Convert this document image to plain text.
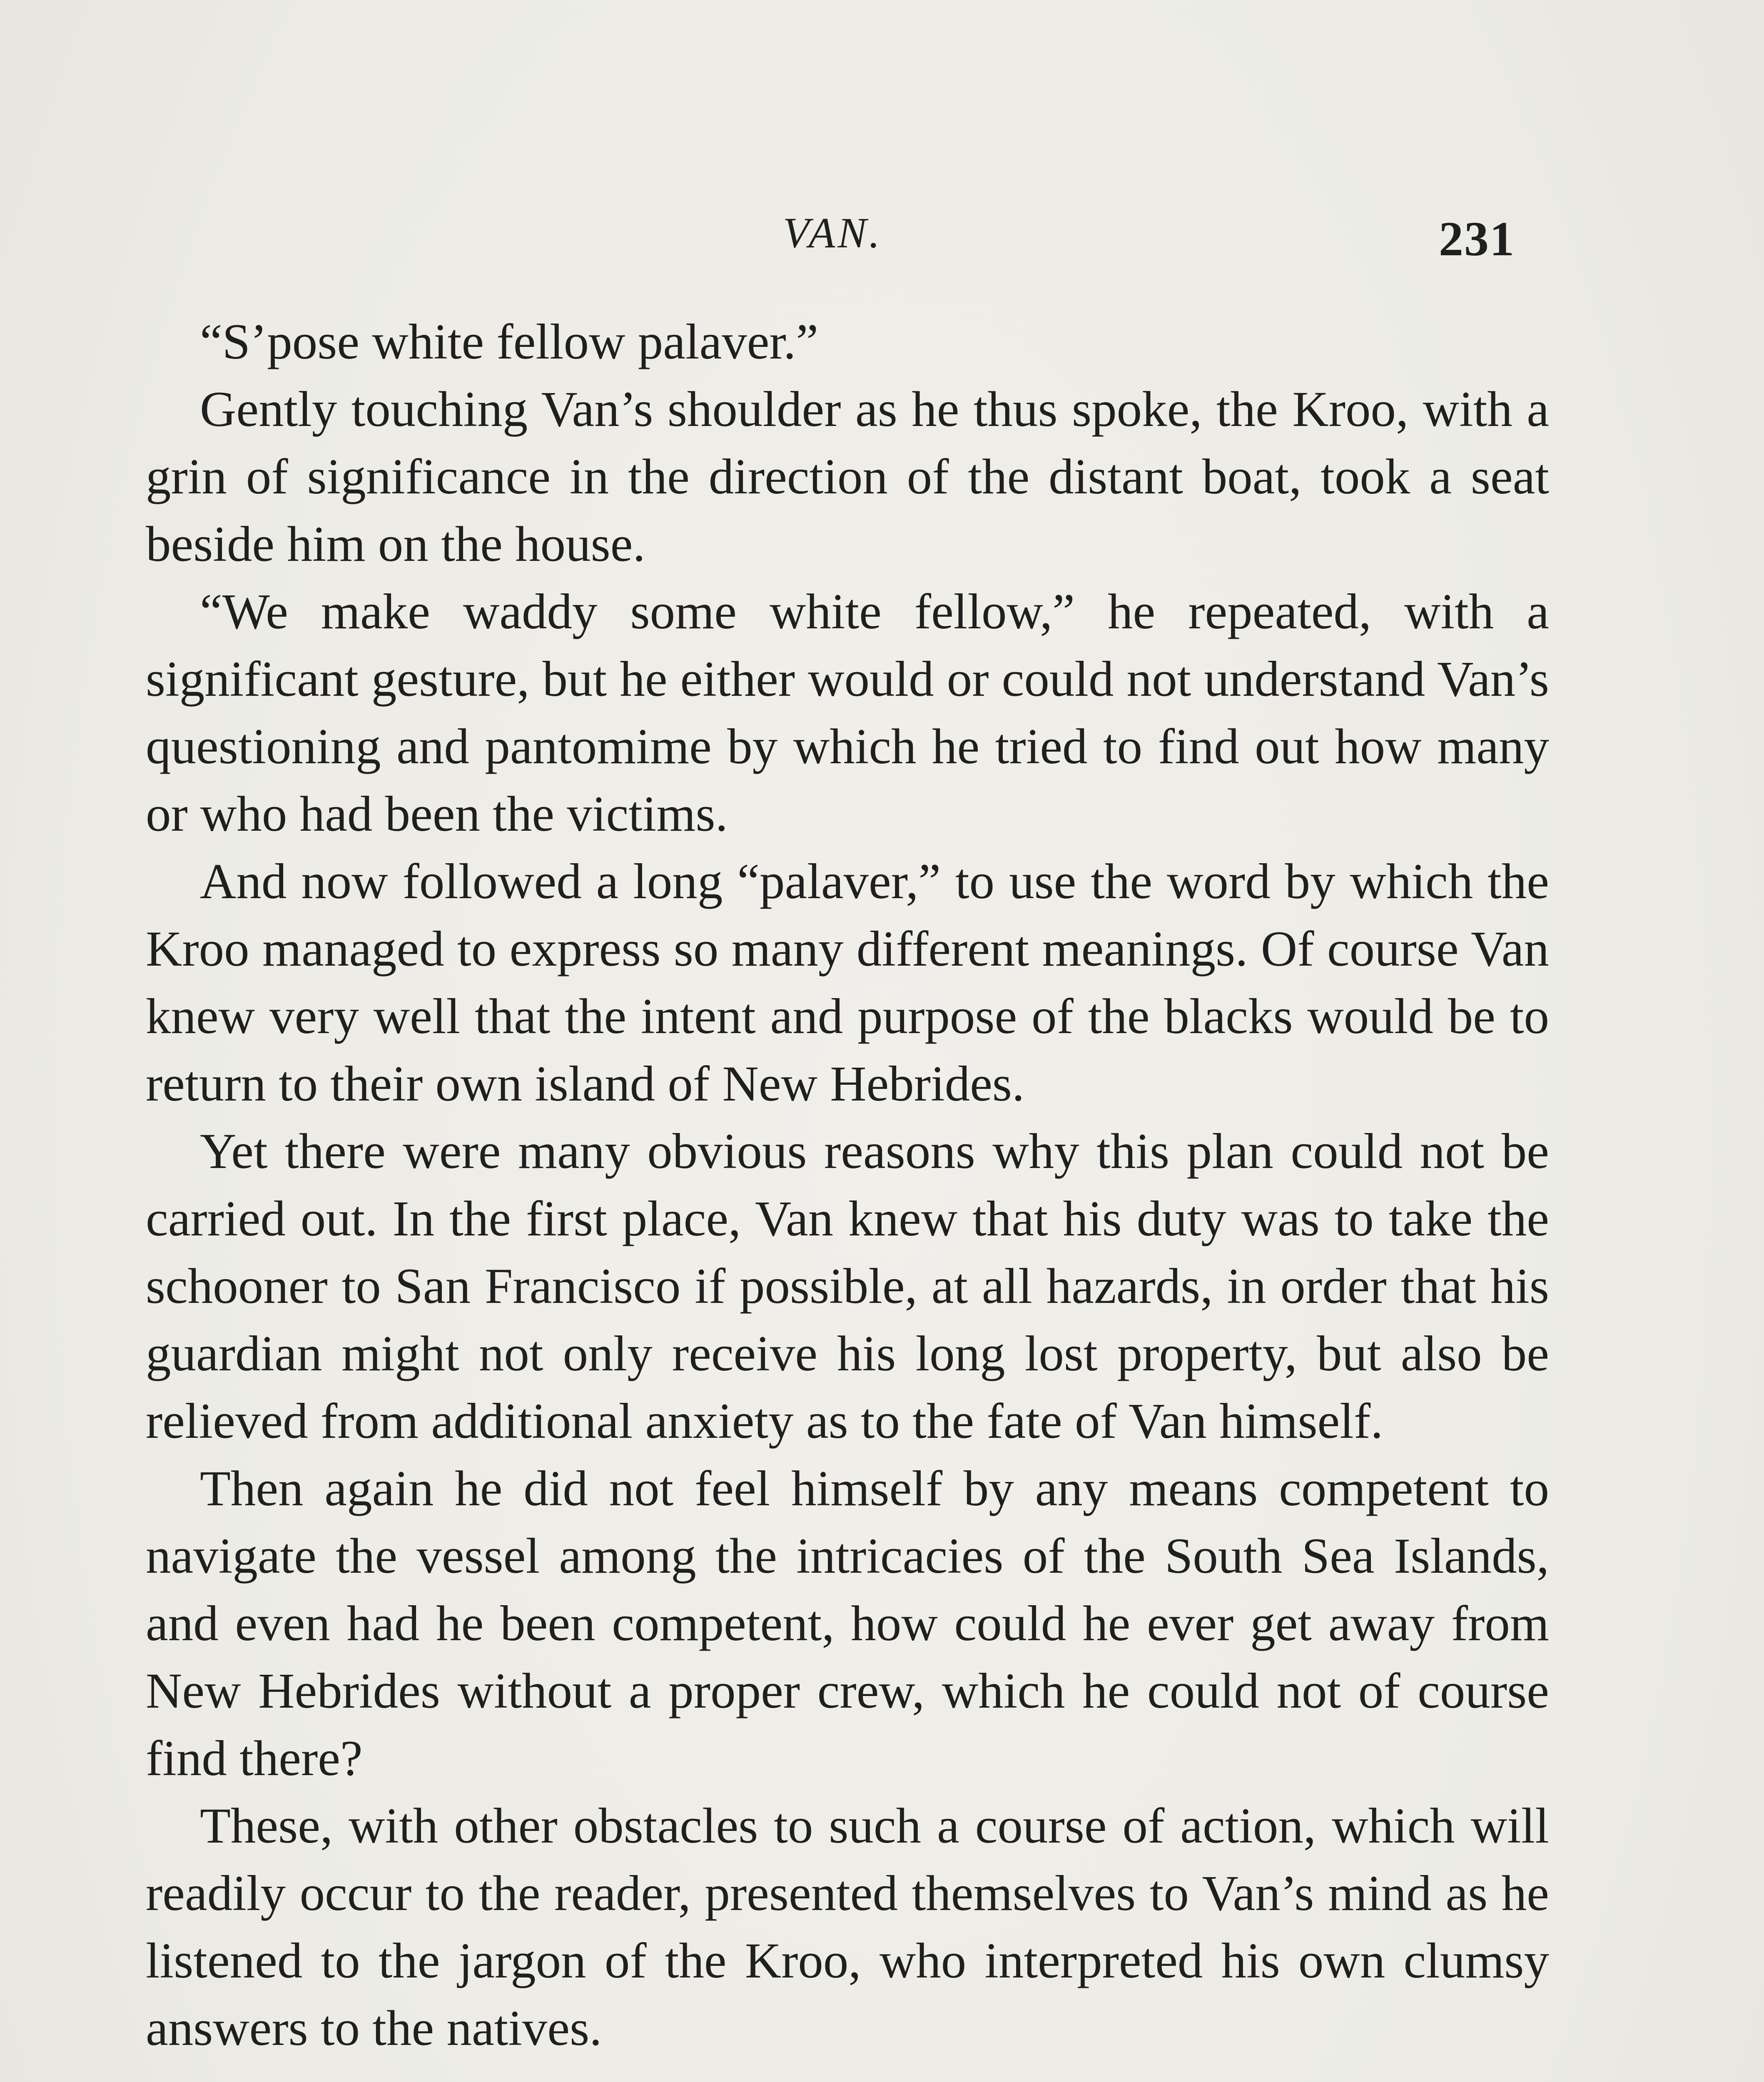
VAN.	231

“S’pose white fellow palaver.”

Gently touching Van’s shoulder as he thus spoke, the Kroo, with a grin of significance in the direction of the distant boat, took a seat beside him on the house.

“We make waddy some white fellow,” he repeated, with a significant gesture, but he either would or could not understand Van’s questioning and pantomime by which he tried to find out how many or who had been the victims.

And now followed a long “palaver,” to use the word by which the Kroo managed to express so many different meanings. Of course Van knew very well that the intent and purpose of the blacks would be to return to their own island of New Hebrides.

Yet there were many obvious reasons why this plan could not be carried out. In the first place, Van knew that his duty was to take the schooner to San Francisco if possible, at all hazards, in order that his guardian might not only receive his long lost property, but also be relieved from additional anxiety as to the fate of Van himself.

Then again he did not feel himself by any means competent to navigate the vessel among the intricacies of the South Sea Islands, and even had he been competent, how could he ever get away from New Hebrides without a proper crew, which he could not of course find there?

These, with other obstacles to such a course of action, which will readily occur to the reader, presented themselves to Van’s mind as he listened to the jargon of the Kroo, who interpreted his own clumsy answers to the natives.
